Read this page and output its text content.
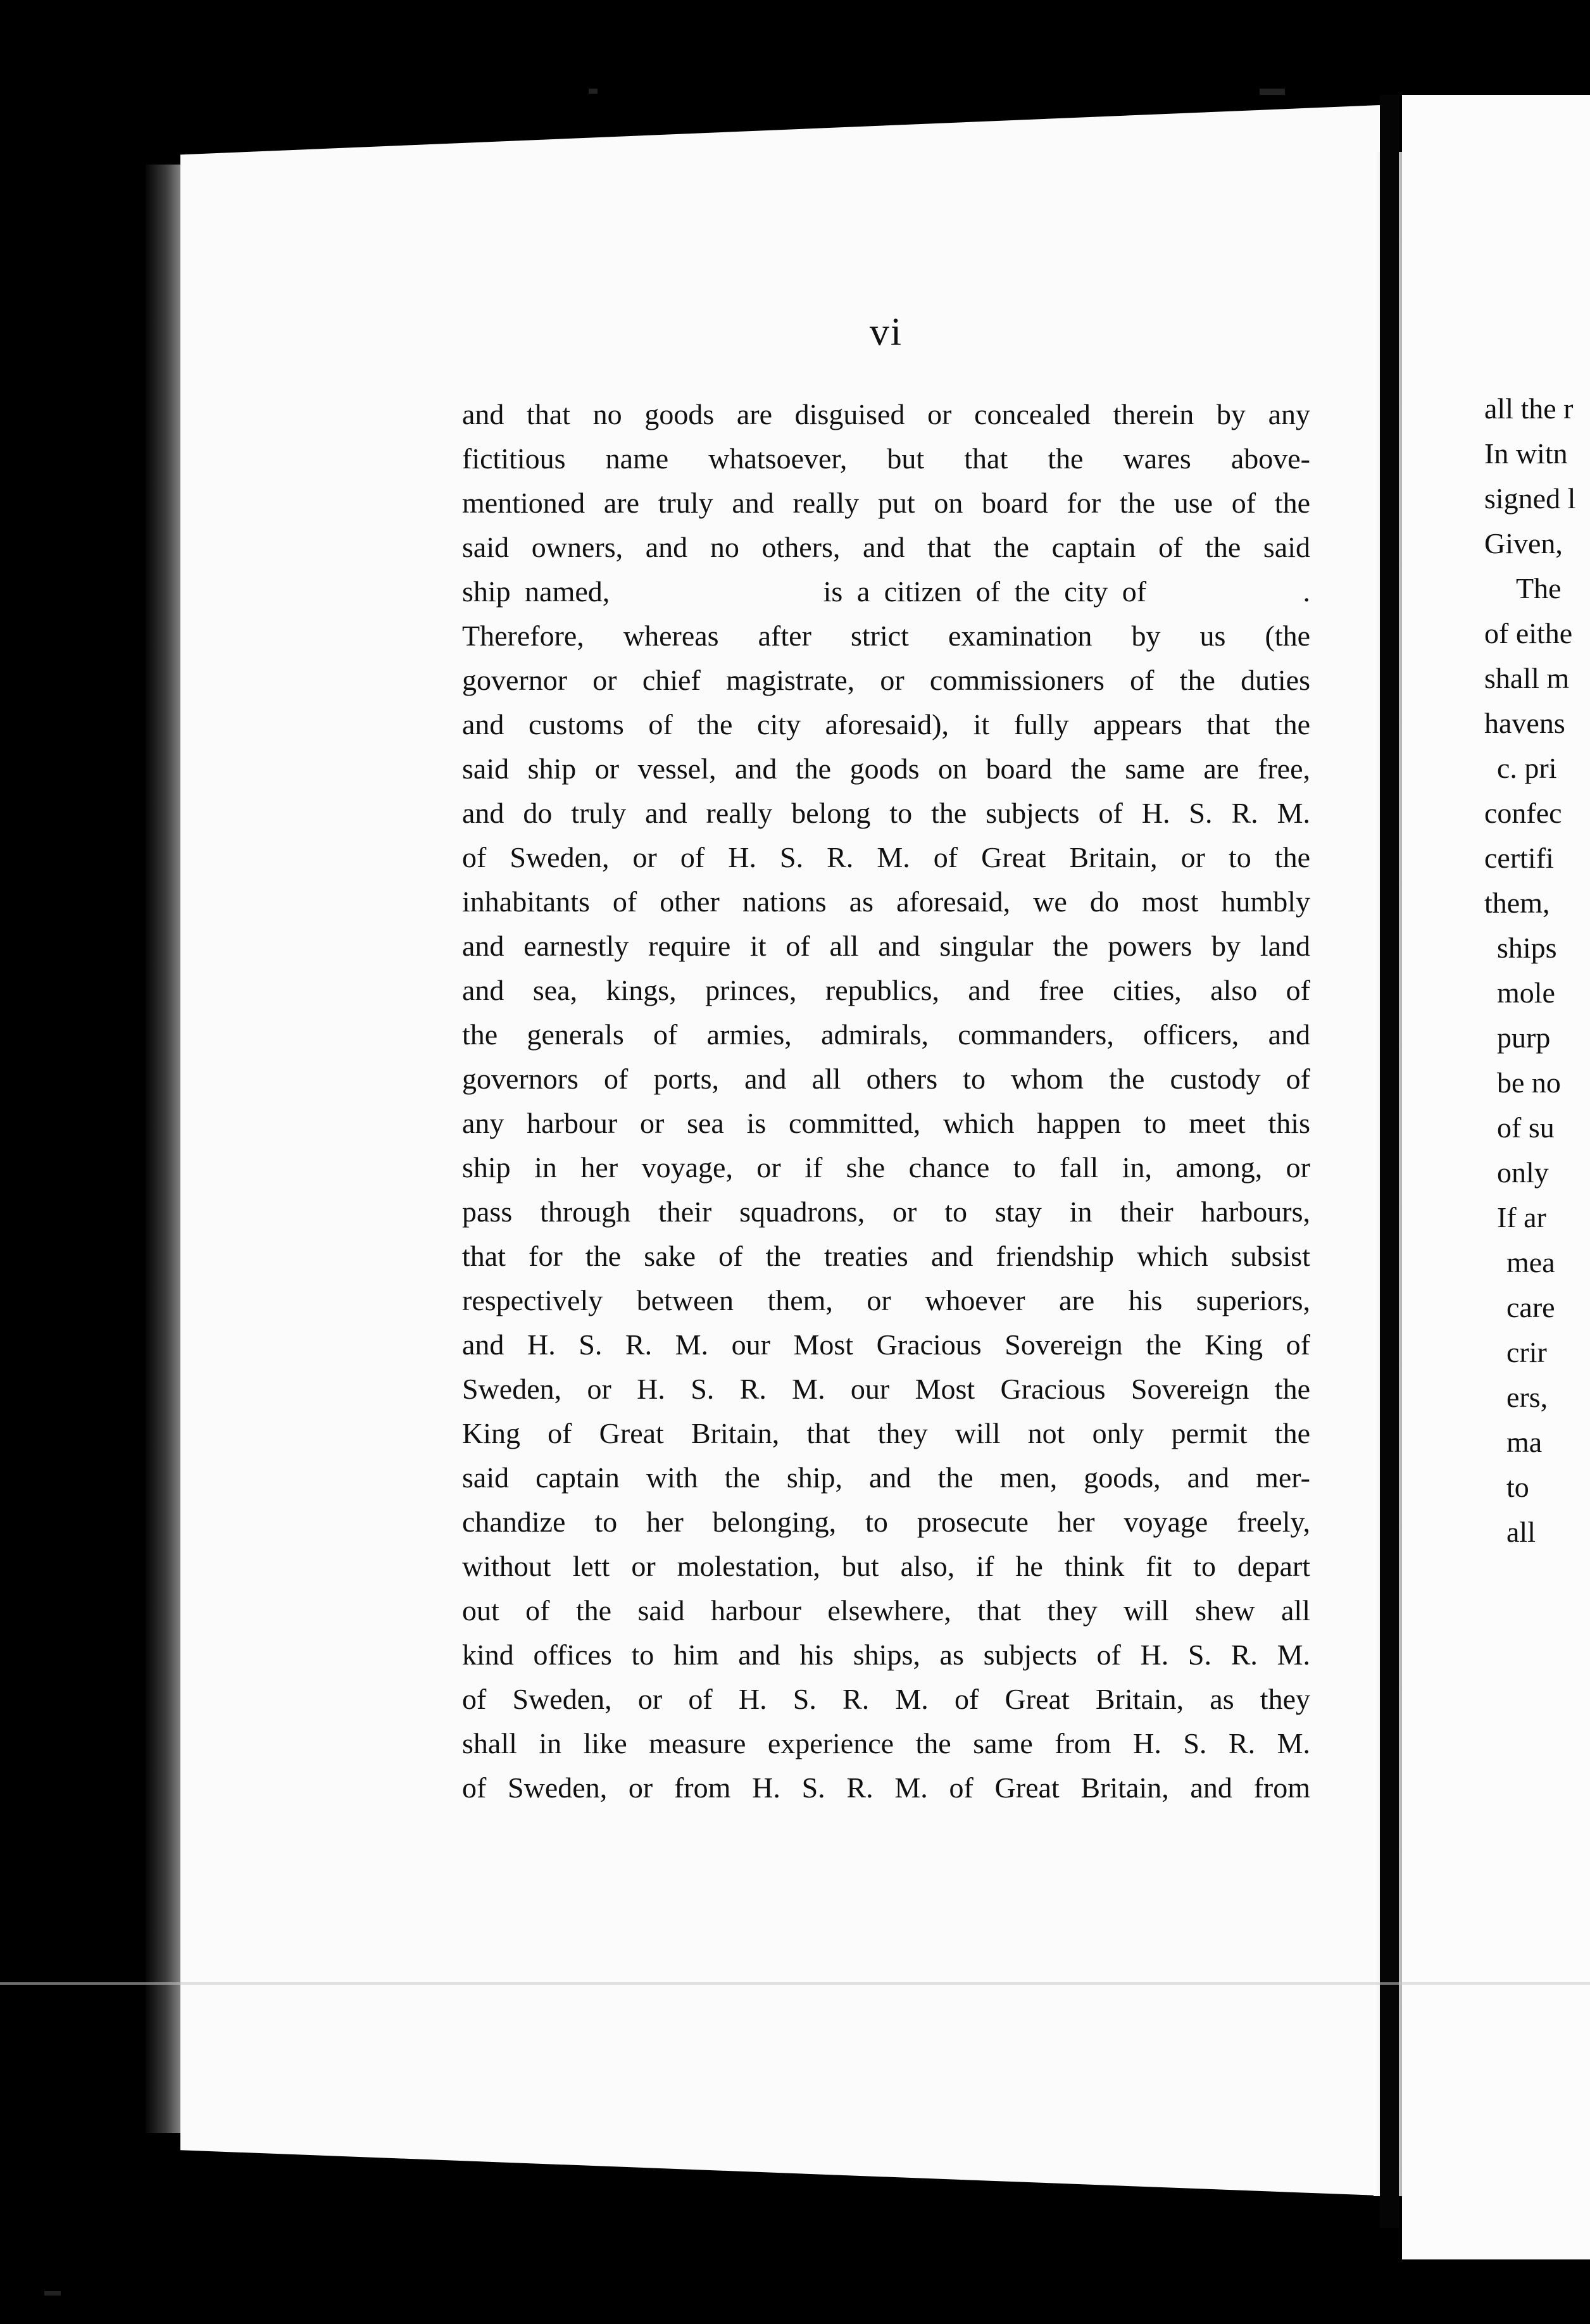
vi
and that no goods are disguised or concealed therein by any
fictitious name whatsoever, but that the wares above-
mentioned are truly and really put on board for the use of the
said owners, and no others, and that the captain of the said
ship named,               is a citizen of the city of           .
Therefore, whereas after strict examination by us (the
governor or chief magistrate, or commissioners of the duties
and customs of the city aforesaid), it fully appears that the
said ship or vessel, and the goods on board the same are free,
and do truly and really belong to the subjects of H. S. R. M.
of Sweden, or of H. S. R. M. of Great Britain, or to the
inhabitants of other nations as aforesaid, we do most humbly
and earnestly require it of all and singular the powers by land
and sea, kings, princes, republics, and free cities, also of
the generals of armies, admirals, commanders, officers, and
governors of ports, and all others to whom the custody of
any harbour or sea is committed, which happen to meet this
ship in her voyage, or if she chance to fall in, among, or
pass through their squadrons, or to stay in their harbours,
that for the sake of the treaties and friendship which subsist
respectively between them, or whoever are his superiors,
and H. S. R. M. our Most Gracious Sovereign the King of
Sweden, or H. S. R. M. our Most Gracious Sovereign the
King of Great Britain, that they will not only permit the
said captain with the ship, and the men, goods, and mer-
chandize to her belonging, to prosecute her voyage freely,
without lett or molestation, but also, if he think fit to depart
out of the said harbour elsewhere, that they will shew all
kind offices to him and his ships, as subjects of H. S. R. M.
of Sweden, or of H. S. R. M. of Great Britain, as they
shall in like measure experience the same from H. S. R. M.
of Sweden, or from H. S. R. M. of Great Britain, and from
all the r
In witn
signed l
Given,
The
of eithe
shall m
havens
c. pri
confec
certifi
them,
ships
mole
purp
be no
of su
only
If ar
mea
care
crir
ers,
ma
to
all
